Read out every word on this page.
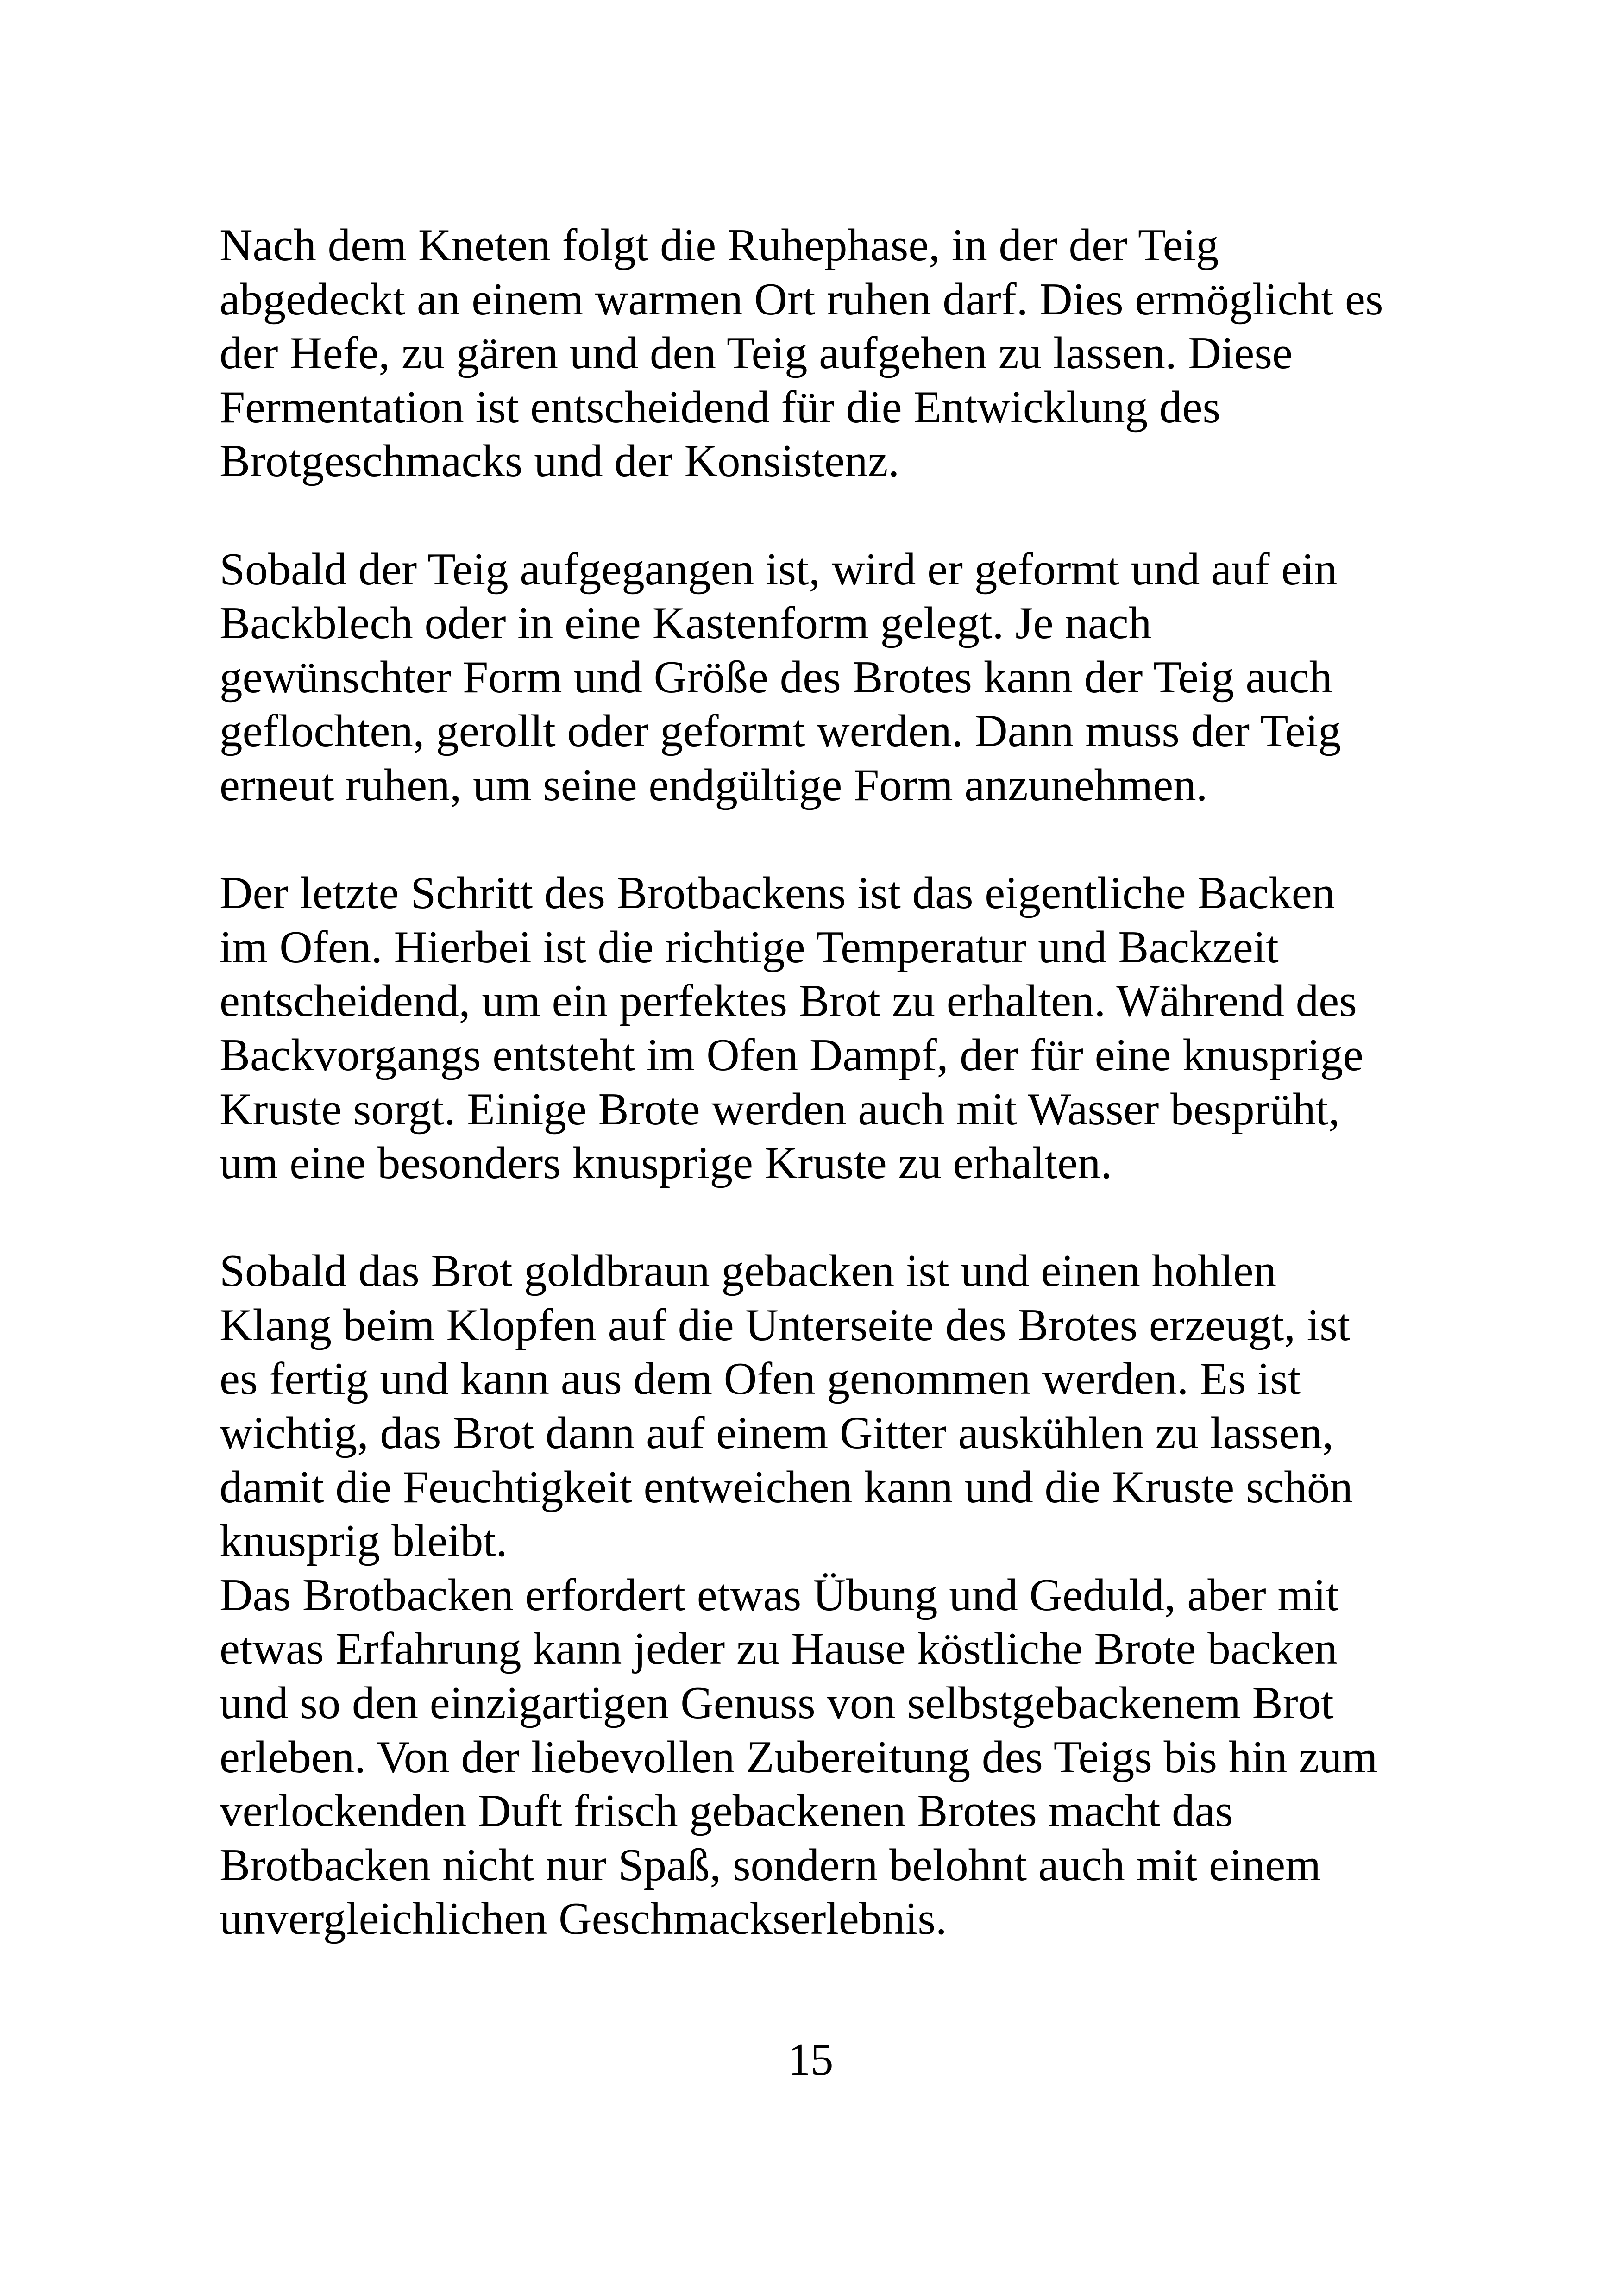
Nach dem Kneten folgt die Ruhephase, in der der Teig
abgedeckt an einem warmen Ort ruhen darf. Dies ermöglicht es
der Hefe, zu gären und den Teig aufgehen zu lassen. Diese
Fermentation ist entscheidend für die Entwicklung des
Brotgeschmacks und der Konsistenz.
Sobald der Teig aufgegangen ist, wird er geformt und auf ein
Backblech oder in eine Kastenform gelegt. Je nach
gewünschter Form und Größe des Brotes kann der Teig auch
geflochten, gerollt oder geformt werden. Dann muss der Teig
erneut ruhen, um seine endgültige Form anzunehmen.
Der letzte Schritt des Brotbackens ist das eigentliche Backen
im Ofen. Hierbei ist die richtige Temperatur und Backzeit
entscheidend, um ein perfektes Brot zu erhalten. Während des
Backvorgangs entsteht im Ofen Dampf, der für eine knusprige
Kruste sorgt. Einige Brote werden auch mit Wasser besprüht,
um eine besonders knusprige Kruste zu erhalten.
Sobald das Brot goldbraun gebacken ist und einen hohlen
Klang beim Klopfen auf die Unterseite des Brotes erzeugt, ist
es fertig und kann aus dem Ofen genommen werden. Es ist
wichtig, das Brot dann auf einem Gitter auskühlen zu lassen,
damit die Feuchtigkeit entweichen kann und die Kruste schön
knusprig bleibt.
Das Brotbacken erfordert etwas Übung und Geduld, aber mit
etwas Erfahrung kann jeder zu Hause köstliche Brote backen
und so den einzigartigen Genuss von selbstgebackenem Brot
erleben. Von der liebevollen Zubereitung des Teigs bis hin zum
verlockenden Duft frisch gebackenen Brotes macht das
Brotbacken nicht nur Spaß, sondern belohnt auch mit einem
unvergleichlichen Geschmackserlebnis.
15
